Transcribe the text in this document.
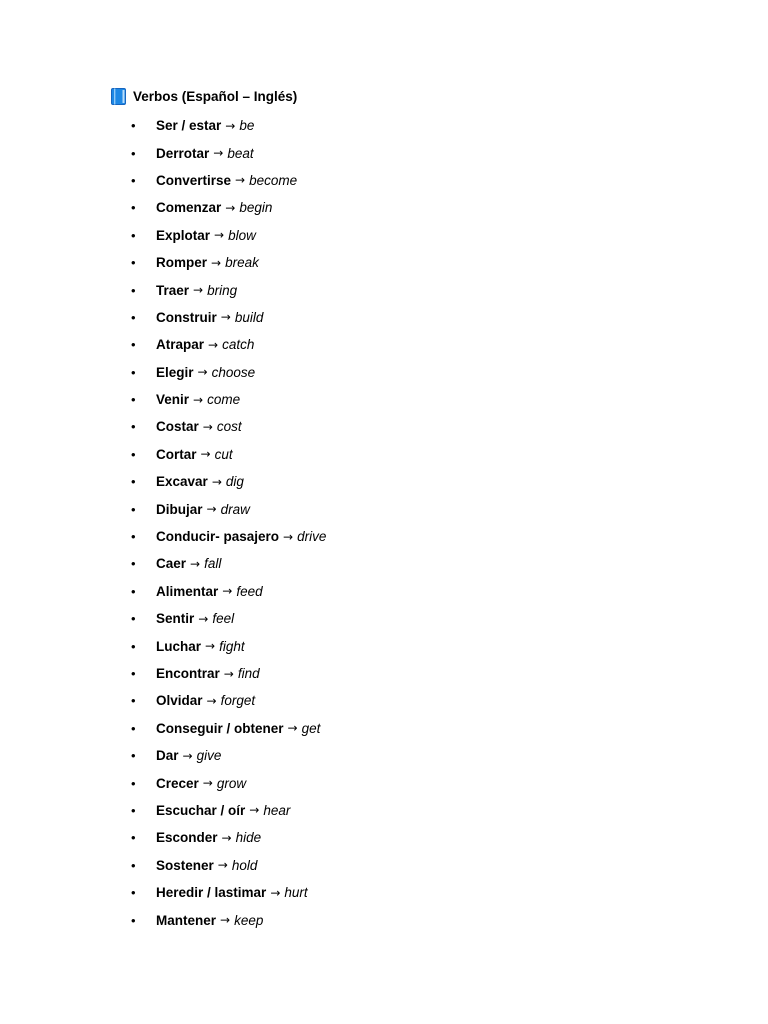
Verbos (Español – Inglés)
•	Ser / estar → be
•	Derrotar → beat
•	Convertirse → become
•	Comenzar → begin
•	Explotar → blow
•	Romper → break
•	Traer → bring
•	Construir → build
•	Atrapar → catch
•	Elegir → choose
•	Venir → come
•	Costar → cost
•	Cortar → cut
•	Excavar → dig
•	Dibujar → draw
•	Conducir- pasajero → drive
•	Caer → fall
•	Alimentar → feed
•	Sentir → feel
•	Luchar → fight
•	Encontrar → find
•	Olvidar → forget
•	Conseguir / obtener → get
•	Dar → give
•	Crecer → grow
•	Escuchar / oír → hear
•	Esconder → hide
•	Sostener → hold
•	Heredir / lastimar → hurt
•	Mantener → keep
